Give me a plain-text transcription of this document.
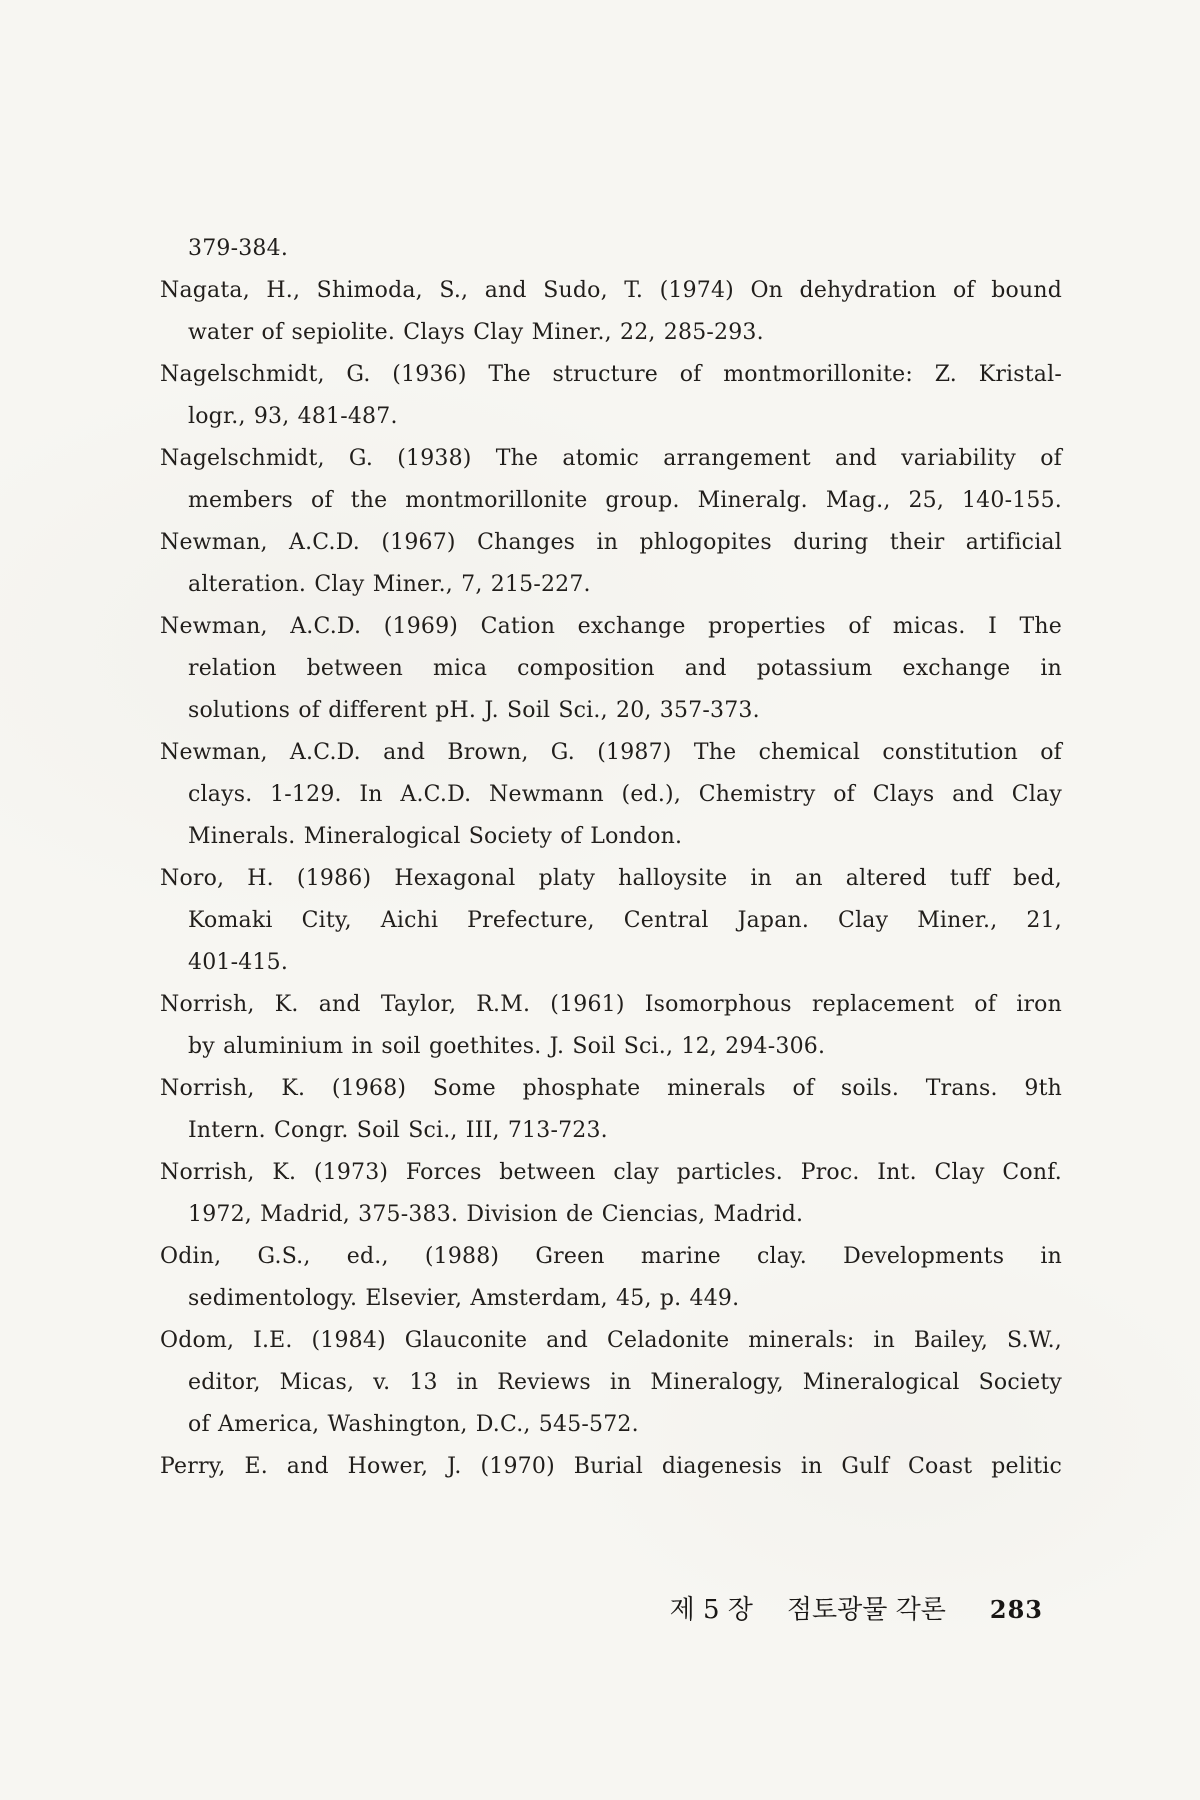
379-384.

Nagata, H., Shimoda, S., and Sudo, T. (1974) On dehydration of bound

water of sepiolite. Clays Clay Miner., 22, 285-293.

Nagelschmidt, G. (1936) The structure of montmorillonite: Z. Kristal-

logr., 93, 481-487.

Nagelschmidt, G. (1938) The atomic arrangement and variability of

members of the montmorillonite group. Mineralg. Mag., 25, 140-155.

Newman, A.C.D. (1967) Changes in phlogopites during their artificial

alteration. Clay Miner., 7, 215-227.

Newman, A.C.D. (1969) Cation exchange properties of micas. I The

relation between mica composition and potassium exchange in

solutions of different pH. J. Soil Sci., 20, 357-373.

Newman, A.C.D. and Brown, G. (1987) The chemical constitution of

clays. 1-129. In A.C.D. Newmann (ed.), Chemistry of Clays and Clay

Minerals. Mineralogical Society of London.

Noro, H. (1986) Hexagonal platy halloysite in an altered tuff bed,

Komaki City, Aichi Prefecture, Central Japan. Clay Miner., 21,

401-415.

Norrish, K. and Taylor, R.M. (1961) Isomorphous replacement of iron

by aluminium in soil goethites. J. Soil Sci., 12, 294-306.

Norrish, K. (1968) Some phosphate minerals of soils. Trans. 9th

Intern. Congr. Soil Sci., III, 713-723.

Norrish, K. (1973) Forces between clay particles. Proc. Int. Clay Conf.

1972, Madrid, 375-383. Division de Ciencias, Madrid.

Odin, G.S., ed., (1988) Green marine clay. Developments in

sedimentology. Elsevier, Amsterdam, 45, p. 449.

Odom, I.E. (1984) Glauconite and Celadonite minerals: in Bailey, S.W.,

editor, Micas, v. 13 in Reviews in Mineralogy, Mineralogical Society

of America, Washington, D.C., 545-572.

Perry, E. and Hower, J. (1970) Burial diagenesis in Gulf Coast pelitic

제 5 장 점토광물 각론 283
